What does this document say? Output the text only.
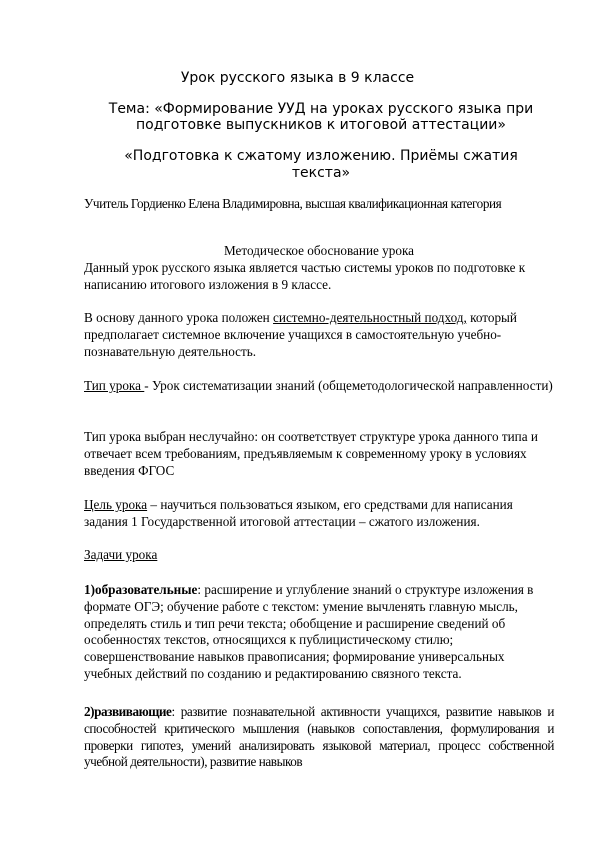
Урок русского языка в 9 классе
Тема: «Формирование УУД на уроках русского языка при подготовке выпускников к итоговой аттестации»
«Подготовка к сжатому изложению. Приёмы сжатия текста»
Учитель Гордиенко Елена Владимировна, высшая квалификационная категория
Методическое обоснование урока
Данный урок русского языка является частью системы уроков по подготовке к написанию итогового изложения в 9 классе.
В основу данного урока положен системно-деятельностный подход, который предполагает системное включение учащихся в самостоятельную учебно-познавательную деятельность.
Тип урока - Урок систематизации знаний (общеметодологической направленности)
Тип урока выбран неслучайно: он соответствует структуре урока данного типа и отвечает всем требованиям, предъявляемым к современному уроку в условиях введения ФГОС
Цель урока – научиться пользоваться языком, его средствами для написания задания 1 Государственной итоговой аттестации – сжатого изложения.
Задачи урока
1)образовательные: расширение и углубление знаний о структуре изложения в формате ОГЭ; обучение работе с текстом: умение вычленять главную мысль, определять стиль и тип речи текста; обобщение и расширение сведений об особенностях текстов, относящихся к публицистическому стилю; совершенствование навыков правописания; формирование универсальных учебных действий по созданию и редактированию связного текста.
2)развивающие: развитие познавательной активности учащихся, развитие навыков и способностей критического мышления (навыков сопоставления, формулирования и проверки гипотез, умений анализировать языковой материал, процесс собственной учебной деятельности), развитие навыков
